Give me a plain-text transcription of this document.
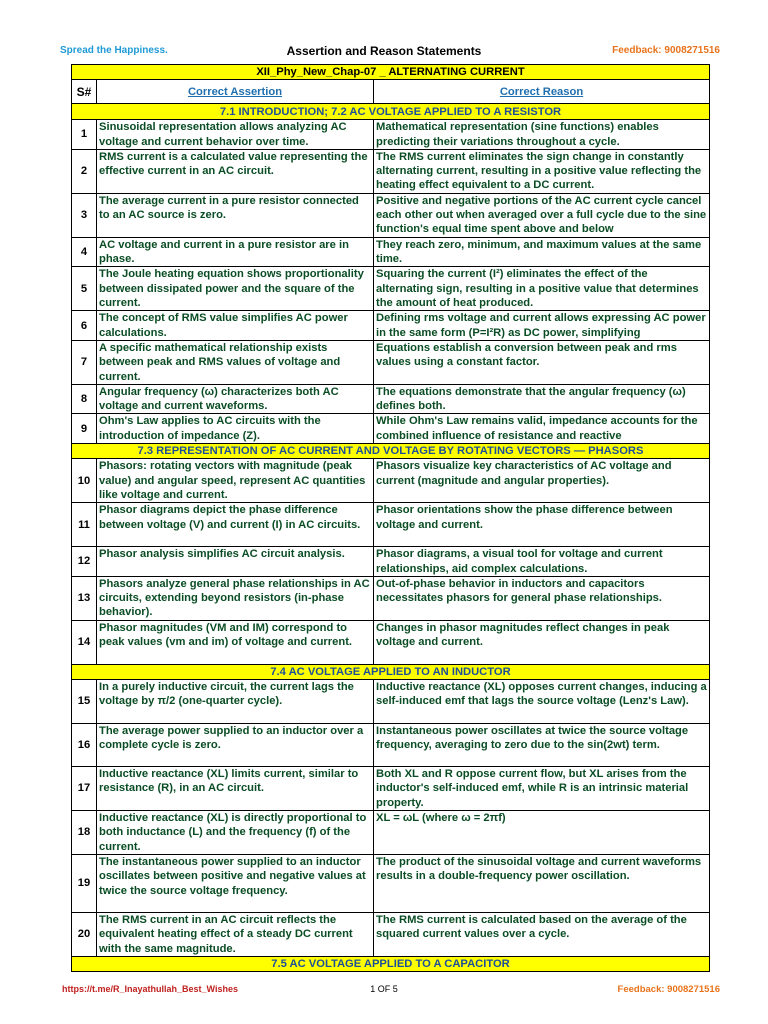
Spread the Happiness.	Assertion and Reason Statements	Feedback: 9008271516
XII_Phy_New_Chap-07 _ ALTERNATING CURRENT		
S#	Correct Assertion	Correct Reason
7.1 INTRODUCTION; 7.2 AC VOLTAGE APPLIED TO A RESISTOR		
1	Sinusoidal representation allows analyzing AC voltage and current behavior over time.	Mathematical representation (sine functions) enables predicting their variations throughout a cycle.
2	RMS current is a calculated value representing the effective current in an AC circuit.	The RMS current eliminates the sign change in constantly alternating current, resulting in a positive value reflecting the heating effect equivalent to a DC current.
3	The average current in a pure resistor connected to an AC source is zero.	Positive and negative portions of the AC current cycle cancel each other out when averaged over a full cycle due to the sine function's equal time spent above and below
4	AC voltage and current in a pure resistor are in phase.	They reach zero, minimum, and maximum values at the same time.
5	The Joule heating equation shows proportionality between dissipated power and the square of the current.	Squaring the current (I²) eliminates the effect of the alternating sign, resulting in a positive value that determines the amount of heat produced.
6	The concept of RMS value simplifies AC power calculations.	Defining rms voltage and current allows expressing AC power in the same form (P=I²R) as DC power, simplifying
7	A specific mathematical relationship exists between peak and RMS values of voltage and current.	Equations establish a conversion between peak and rms values using a constant factor.
8	Angular frequency (ω) characterizes both AC voltage and current waveforms.	The equations demonstrate that the angular frequency (ω) defines both.
9	Ohm's Law applies to AC circuits with the introduction of impedance (Z).	While Ohm's Law remains valid, impedance accounts for the combined influence of resistance and reactive
7.3 REPRESENTATION OF AC CURRENT AND VOLTAGE BY ROTATING VECTORS — PHASORS		
10	Phasors: rotating vectors with magnitude (peak value) and angular speed, represent AC quantities like voltage and current.	Phasors visualize key characteristics of AC voltage and current (magnitude and angular properties).
11	Phasor diagrams depict the phase difference between voltage (V) and current (I) in AC circuits.	Phasor orientations show the phase difference between voltage and current.
12	Phasor analysis simplifies AC circuit analysis.	Phasor diagrams, a visual tool for voltage and current relationships, aid complex calculations.
13	Phasors analyze general phase relationships in AC circuits, extending beyond resistors (in-phase behavior).	Out-of-phase behavior in inductors and capacitors necessitates phasors for general phase relationships.
14	Phasor magnitudes (VM and IM) correspond to peak values (vm and im) of voltage and current.	Changes in phasor magnitudes reflect changes in peak voltage and current.
7.4 AC VOLTAGE APPLIED TO AN INDUCTOR		
15	In a purely inductive circuit, the current lags the voltage by π/2 (one-quarter cycle).	Inductive reactance (XL) opposes current changes, inducing a self-induced emf that lags the source voltage (Lenz's Law).
16	The average power supplied to an inductor over a complete cycle is zero.	Instantaneous power oscillates at twice the source voltage frequency, averaging to zero due to the sin(2wt) term.
17	Inductive reactance (XL) limits current, similar to resistance (R), in an AC circuit.	Both XL and R oppose current flow, but XL arises from the inductor's self-induced emf, while R is an intrinsic material property.
18	Inductive reactance (XL) is directly proportional to both inductance (L) and the frequency (f) of the current.	XL = ωL (where ω = 2πf)
19	The instantaneous power supplied to an inductor oscillates between positive and negative values at twice the source voltage frequency.	The product of the sinusoidal voltage and current waveforms results in a double-frequency power oscillation.
20	The RMS current in an AC circuit reflects the equivalent heating effect of a steady DC current with the same magnitude.	The RMS current is calculated based on the average of the squared current values over a cycle.
7.5 AC VOLTAGE APPLIED TO A CAPACITOR		
https://t.me/R_Inayathullah_Best_Wishes	1 OF 5	Feedback: 9008271516
